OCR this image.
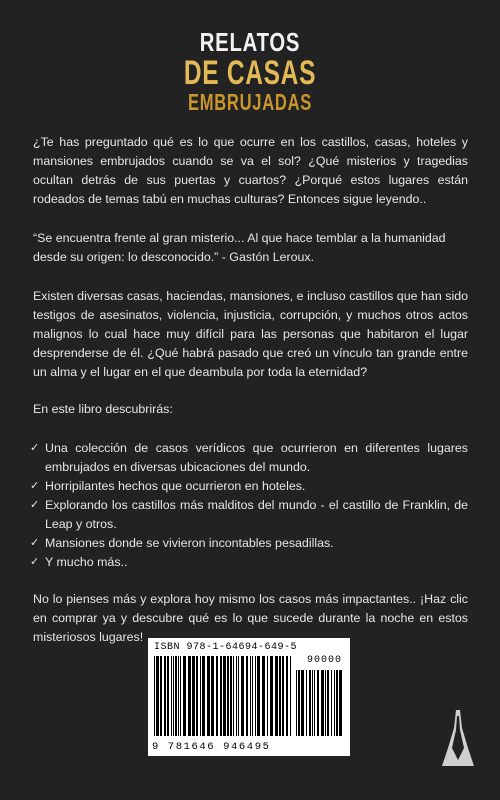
RELATOS
DE CASAS
EMBRUJADAS

¿Te has preguntado qué es lo que ocurre en los castillos, casas, hoteles y mansiones embrujados cuando se va el sol? ¿Qué misterios y tragedias ocultan detrás de sus puertas y cuartos? ¿Porqué estos lugares están rodeados de temas tabú en muchas culturas? Entonces sigue leyendo..

“Se encuentra frente al gran misterio... Al que hace temblar a la humanidad desde su origen: lo desconocido.” - Gastón Leroux.

Existen diversas casas, haciendas, mansiones, e incluso castillos que han sido testigos de asesinatos, violencia, injusticia, corrupción, y muchos otros actos malignos lo cual hace muy difícil para las personas que habitaron el lugar desprenderse de él. ¿Qué habrá pasado que creó un vínculo tan grande entre un alma y el lugar en el que deambula por toda la eternidad?

En este libro descubrirás:

✓ Una colección de casos verídicos que ocurrieron en diferentes lugares embrujados en diversas ubicaciones del mundo.
✓ Horripilantes hechos que ocurrieron en hoteles.
✓ Explorando los castillos más malditos del mundo - el castillo de Franklin, de Leap y otros.
✓ Mansiones donde se vivieron incontables pesadillas.
✓ Y mucho más..

No lo pienses más y explora hoy mismo los casos más impactantes.. ¡Haz clic en comprar ya y descubre qué es lo que sucede durante la noche en estos misteriosos lugares!

ISBN 978-1-64694-649-5
90000
9 781646 946495
